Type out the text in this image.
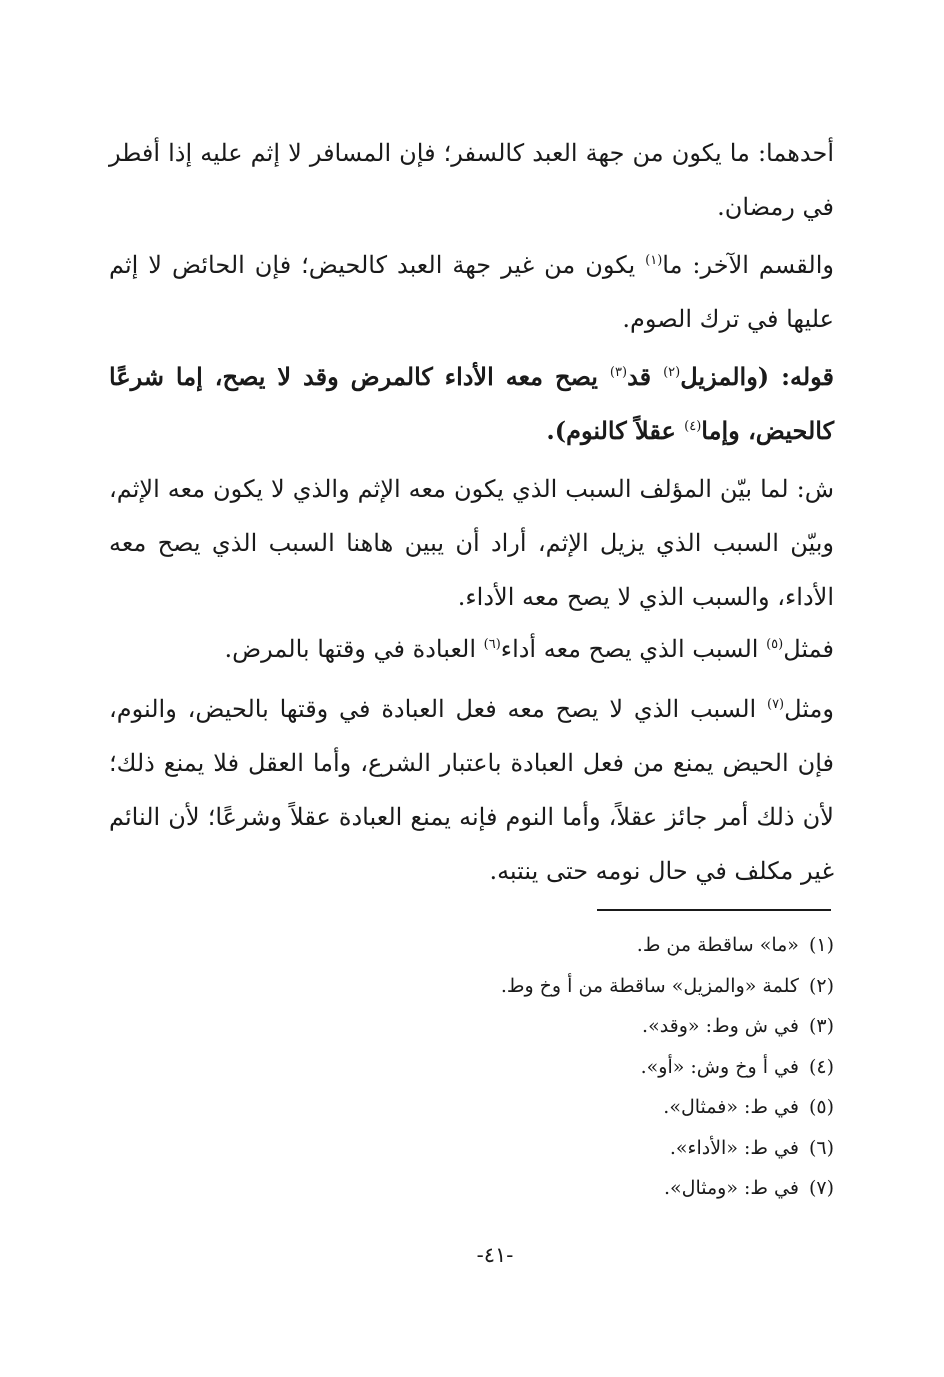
أحدهما: ما يكون من جهة العبد كالسفر؛ فإن المسافر لا إثم عليه إذا أفطر في رمضان.

والقسم الآخر: ما$^{(١)}$ يكون من غير جهة العبد كالحيض؛ فإن الحائض لا إثم عليها في ترك الصوم.

قوله: (والمزيل$^{(٢)}$ قد$^{(٣)}$ يصح معه الأداء كالمرض وقد لا يصح، إما شرعًا كالحيض، وإما$^{(٤)}$ عقلاً كالنوم).

ش: لما بيّن المؤلف السبب الذي يكون معه الإثم والذي لا يكون معه الإثم، وبيّن السبب الذي يزيل الإثم، أراد أن يبين هاهنا السبب الذي يصح معه الأداء، والسبب الذي لا يصح معه الأداء.

فمثل$^{(٥)}$ السبب الذي يصح معه أداء$^{(٦)}$ العبادة في وقتها بالمرض.

ومثل$^{(٧)}$ السبب الذي لا يصح معه فعل العبادة في وقتها بالحيض، والنوم، فإن الحيض يمنع من فعل العبادة باعتبار الشرع، وأما العقل فلا يمنع ذلك؛ لأن ذلك أمر جائز عقلاً، وأما النوم فإنه يمنع العبادة عقلاً وشرعًا؛ لأن النائم غير مكلف في حال نومه حتى ينتبه.

(١)«ما» ساقطة من ط.
(٢)كلمة «والمزيل» ساقطة من أ وخ وط.
(٣)في ش وط: «وقد».
(٤)في أ وخ وش: «أو».
(٥)في ط: «فمثال».
(٦)في ط: «الأداء».
(٧)في ط: «ومثال».
-٤١-
